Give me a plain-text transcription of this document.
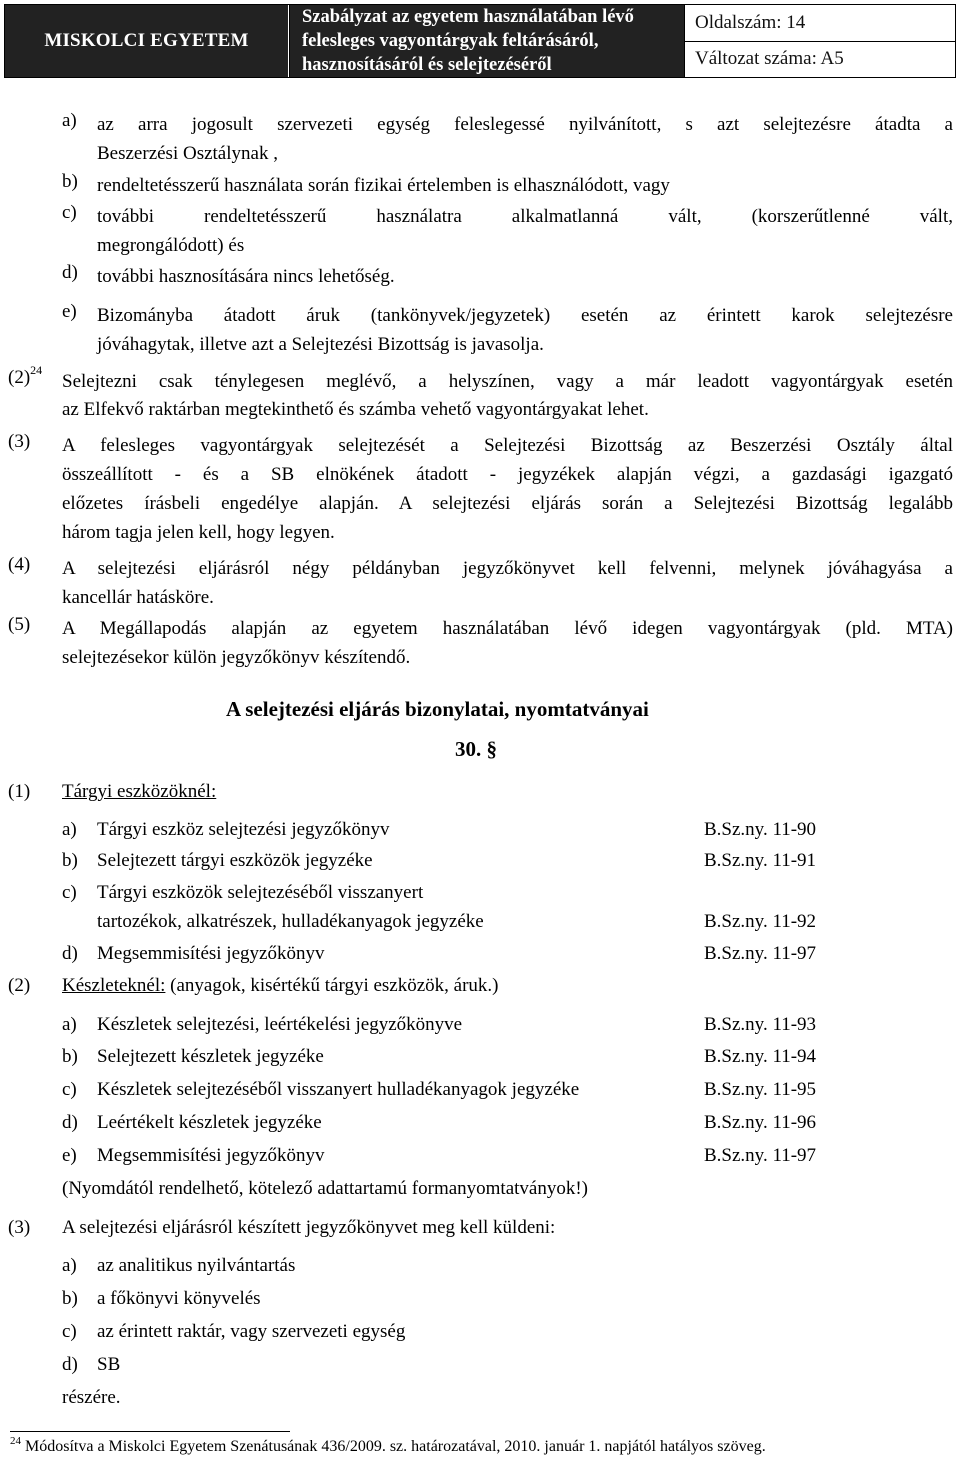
MISKOLCI EGYETEM

Szabályzat az egyetem használatában lévő
felesleges vagyontárgyak feltárásáról,
hasznosításáról és selejtezéséről
	Oldalszám: 14
Változat száma: A5
a) az arra jogosult szervezeti egység feleslegessé nyilvánított, s azt selejtezésre átadta a
Beszerzési Osztálynak ,
b) rendeltetésszerű használata során fizikai értelemben is elhasználódott, vagy
c) további rendeltetésszerű használatra alkalmatlanná vált, (korszerűtlenné vált,
megrongálódott) és
d) további hasznosítására nincs lehetőség.
e) Bizományba átadott áruk (tankönyvek/jegyzetek) esetén az érintett karok selejtezésre
jóváhagytak, illetve azt a Selejtezési Bizottság is javasolja.
$(2)^{24}$
Selejtezni csak ténylegesen meglévő, a helyszínen, vagy a már leadott vagyontárgyak esetén
az Elfekvő raktárban megtekinthető és számba vehető vagyontárgyakat lehet.
(3) A felesleges vagyontárgyak selejtezését a Selejtezési Bizottság az Beszerzési Osztály által
összeállított - és a SB elnökének átadott - jegyzékek alapján végzi, a gazdasági igazgató
előzetes írásbeli engedélye alapján. A selejtezési eljárás során a Selejtezési Bizottság legalább
három tagja jelen kell, hogy legyen.
(4) A selejtezési eljárásról négy példányban jegyzőkönyvet kell felvenni, melynek jóváhagyása a
kancellár hatásköre.
(5) A Megállapodás alapján az egyetem használatában lévő idegen vagyontárgyak (pld. MTA)
selejtezésekor külön jegyzőkönyv készítendő.
A selejtezési eljárás bizonylatai, nyomtatványai
30. §
(1) Tárgyi eszközöknél:
a) Tárgyi eszköz selejtezési jegyzőkönyv	B.Sz.ny. 11-90
b) Selejtezett tárgyi eszközök jegyzéke	B.Sz.ny. 11-91
c) Tárgyi eszközök selejtezéséből visszanyert
tartozékok, alkatrészek, hulladékanyagok jegyzéke	B.Sz.ny. 11-92
d) Megsemmisítési jegyzőkönyv	B.Sz.ny. 11-97
(2) Készleteknél: (anyagok, kisértékű tárgyi eszközök, áruk.)
a) Készletek selejtezési, leértékelési jegyzőkönyve	B.Sz.ny. 11-93
b) Selejtezett készletek jegyzéke	B.Sz.ny. 11-94
c) Készletek selejtezéséből visszanyert hulladékanyagok jegyzéke	B.Sz.ny. 11-95
d) Leértékelt készletek jegyzéke	B.Sz.ny. 11-96
e) Megsemmisítési jegyzőkönyv	B.Sz.ny. 11-97
(Nyomdától rendelhető, kötelező adattartamú formanyomtatványok!)
(3) A selejtezési eljárásról készített jegyzőkönyvet meg kell küldeni:
a) az analitikus nyilvántartás
b) a főkönyvi könyvelés
c) az érintett raktár, vagy szervezeti egység
d) SB
részére.
$^{24}$ Módosítva a Miskolci Egyetem Szenátusának 436/2009. sz. határozatával, 2010. január 1. napjától hatályos szöveg.
